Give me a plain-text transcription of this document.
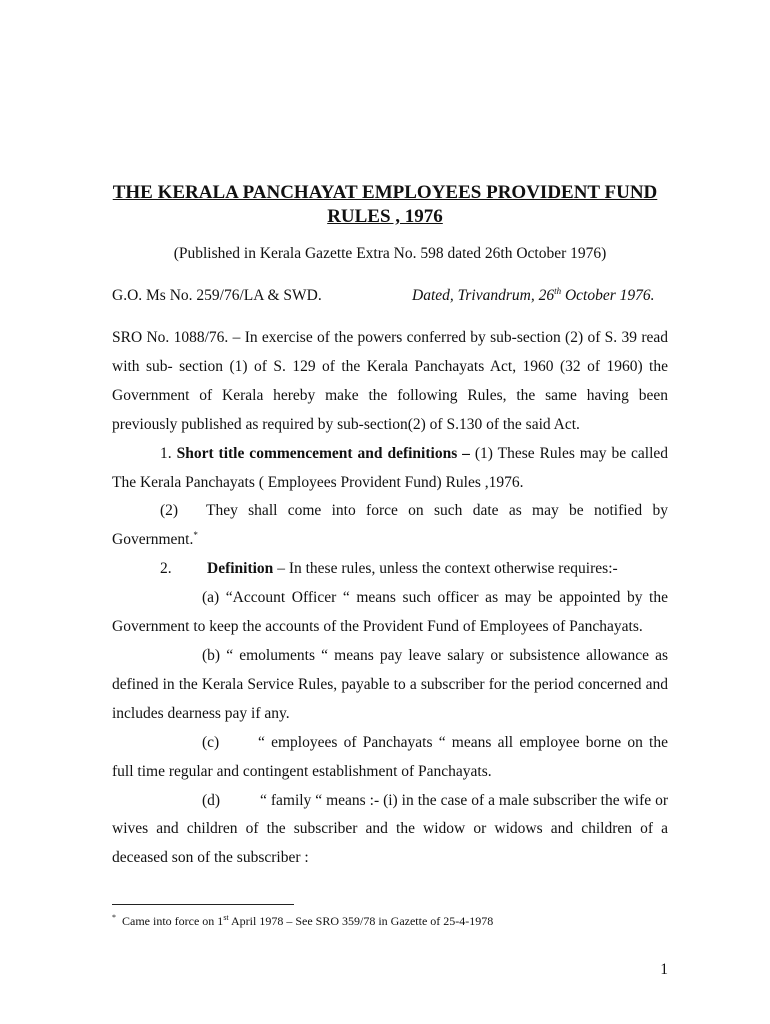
THE KERALA PANCHAYAT EMPLOYEES PROVIDENT FUND
RULES , 1976
(Published in Kerala Gazette Extra No. 598 dated 26th October 1976)
G.O. Ms No. 259/76/LA & SWD.	Dated, Trivandrum, 26th October 1976.

SRO No. 1088/76. – In exercise of the powers conferred by sub-section (2) of S. 39 read with sub- section (1) of S. 129 of the Kerala Panchayats Act, 1960 (32 of 1960) the Government of Kerala hereby make the following Rules, the same having been previously published as required by sub-section(2) of S.130 of the said Act.

1. Short title commencement and definitions – (1) These Rules may be called The Kerala Panchayats ( Employees Provident Fund) Rules ,1976.

(2) They shall come into force on such date as may be notified by Government.*

2. Definition – In these rules, unless the context otherwise requires:-

(a) “Account Officer “ means such officer as may be appointed by the Government to keep the accounts of the Provident Fund of Employees of Panchayats.

(b) “ emoluments “ means pay leave salary or subsistence allowance as defined in the Kerala Service Rules, payable to a subscriber for the period concerned and includes dearness pay if any.

(c)	“ employees of Panchayats “ means all employee borne on the full time regular and contingent establishment of Panchayats.

(d)	“ family “ means :- (i) in the case of a male subscriber the wife or wives and children of the subscriber and the widow or widows and children of a deceased son of the subscriber :

* Came into force on 1st April 1978 – See SRO 359/78 in Gazette of 25-4-1978
1
